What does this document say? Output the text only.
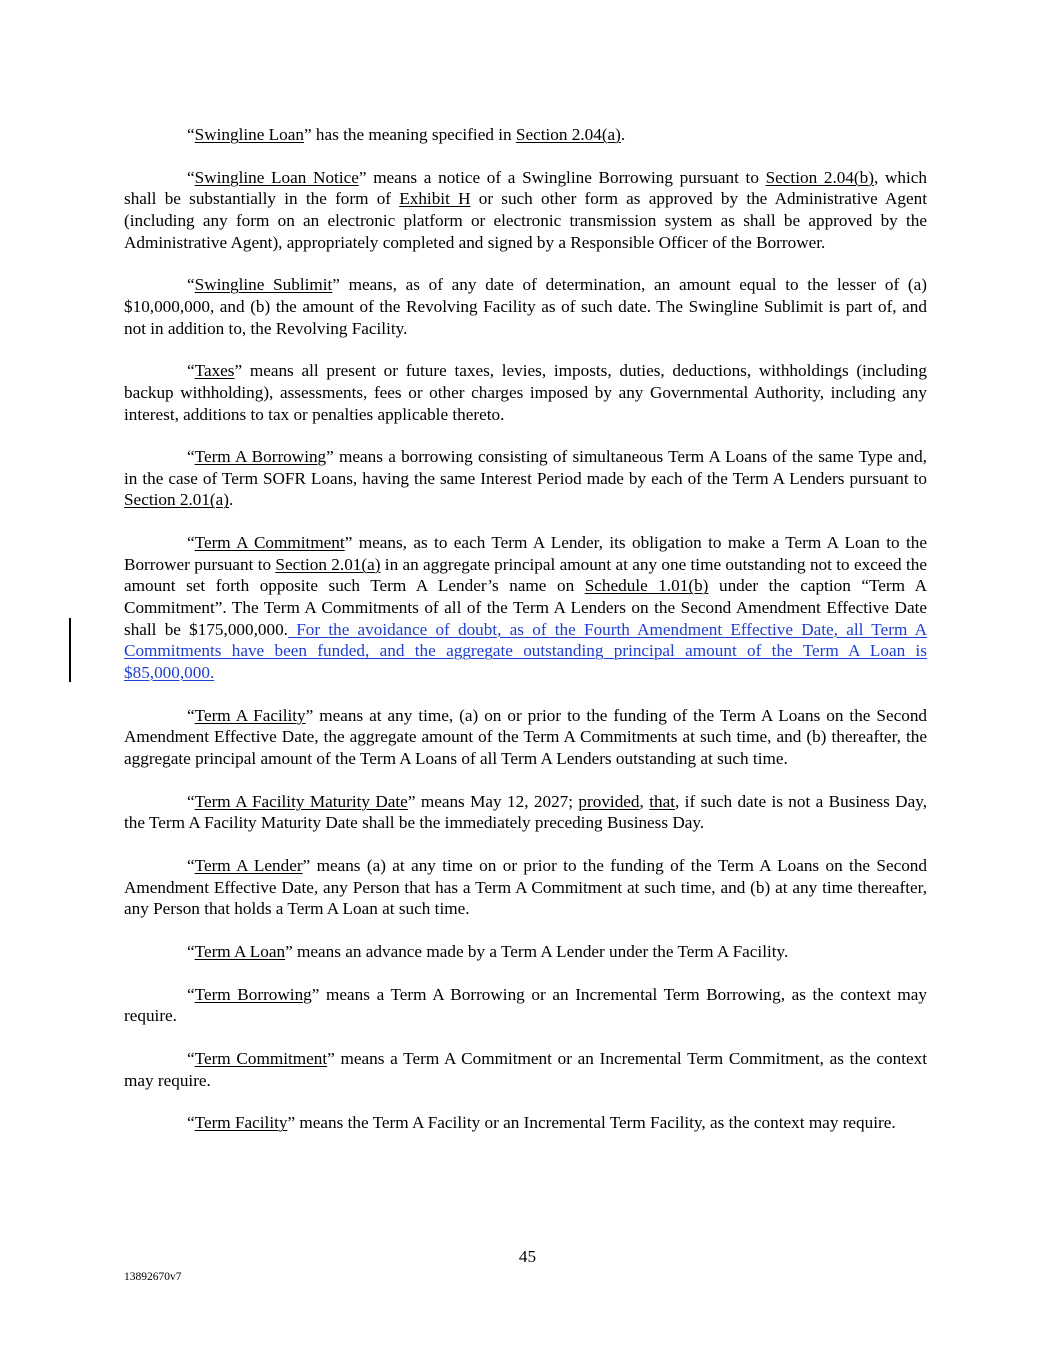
“Swingline Loan” has the meaning specified in Section 2.04(a).

“Swingline Loan Notice” means a notice of a Swingline Borrowing pursuant to Section 2.04(b), which shall be substantially in the form of Exhibit H or such other form as approved by the Administrative Agent (including any form on an electronic platform or electronic transmission system as shall be approved by the Administrative Agent), appropriately completed and signed by a Responsible Officer of the Borrower.

“Swingline Sublimit” means, as of any date of determination, an amount equal to the lesser of (a) $10,000,000, and (b) the amount of the Revolving Facility as of such date. The Swingline Sublimit is part of, and not in addition to, the Revolving Facility.

“Taxes” means all present or future taxes, levies, imposts, duties, deductions, withholdings (including backup withholding), assessments, fees or other charges imposed by any Governmental Authority, including any interest, additions to tax or penalties applicable thereto.

“Term A Borrowing” means a borrowing consisting of simultaneous Term A Loans of the same Type and, in the case of Term SOFR Loans, having the same Interest Period made by each of the Term A Lenders pursuant to Section 2.01(a).

“Term A Commitment” means, as to each Term A Lender, its obligation to make a Term A Loan to the Borrower pursuant to Section 2.01(a) in an aggregate principal amount at any one time outstanding not to exceed the amount set forth opposite such Term A Lender’s name on Schedule 1.01(b) under the caption “Term A Commitment”. The Term A Commitments of all of the Term A Lenders on the Second Amendment Effective Date shall be $175,000,000. For the avoidance of doubt, as of the Fourth Amendment Effective Date, all Term A Commitments have been funded, and the aggregate outstanding principal amount of the Term A Loan is $85,000,000.

“Term A Facility” means at any time, (a) on or prior to the funding of the Term A Loans on the Second Amendment Effective Date, the aggregate amount of the Term A Commitments at such time, and (b) thereafter, the aggregate principal amount of the Term A Loans of all Term A Lenders outstanding at such time.

“Term A Facility Maturity Date” means May 12, 2027; provided, that, if such date is not a Business Day, the Term A Facility Maturity Date shall be the immediately preceding Business Day.

“Term A Lender” means (a) at any time on or prior to the funding of the Term A Loans on the Second Amendment Effective Date, any Person that has a Term A Commitment at such time, and (b) at any time thereafter, any Person that holds a Term A Loan at such time.

“Term A Loan” means an advance made by a Term A Lender under the Term A Facility.

“Term Borrowing” means a Term A Borrowing or an Incremental Term Borrowing, as the context may require.

“Term Commitment” means a Term A Commitment or an Incremental Term Commitment, as the context may require.

“Term Facility” means the Term A Facility or an Incremental Term Facility, as the context may require.

45
13892670v7
